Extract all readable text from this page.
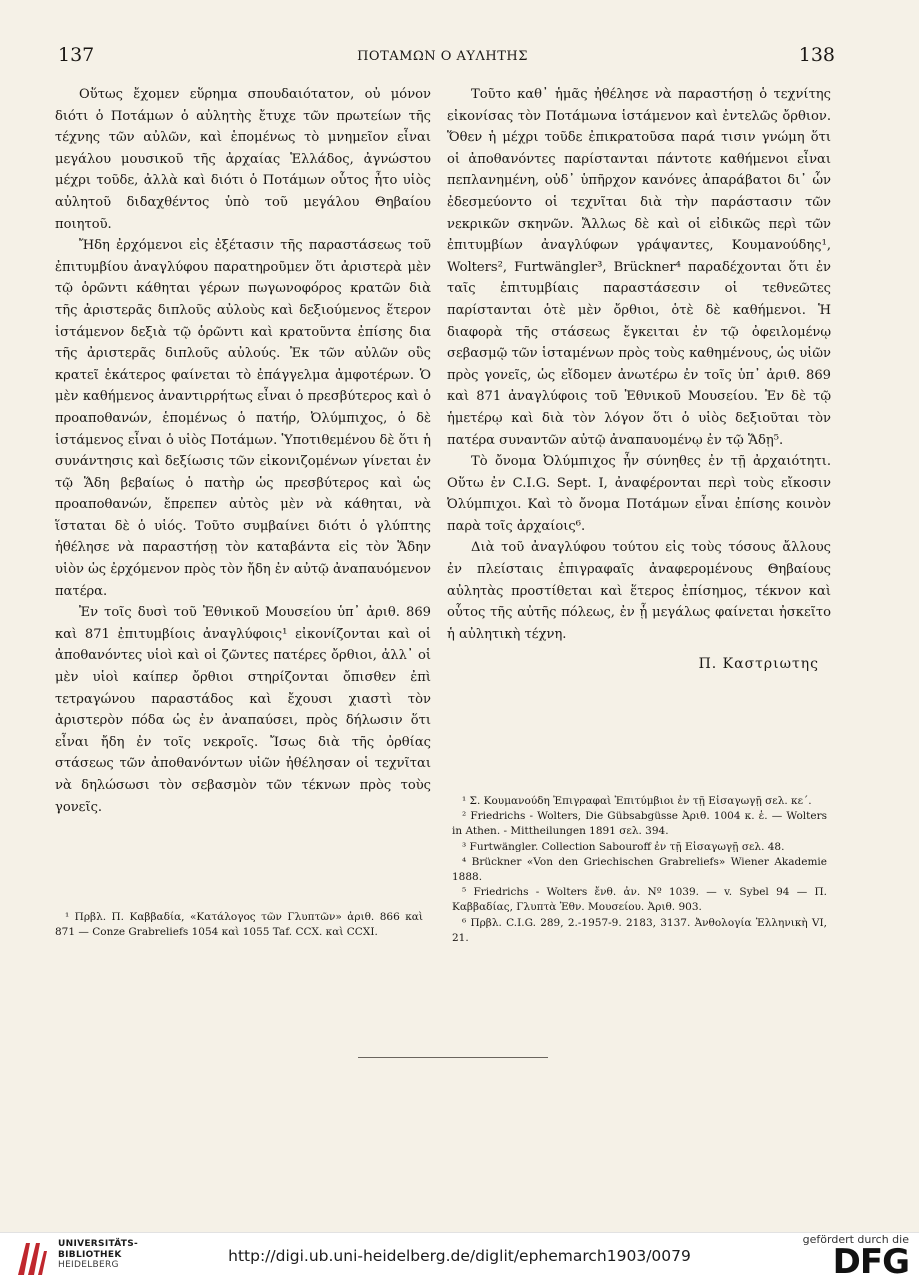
137	ΠΟΤΑΜΩΝ Ο ΑΥΛΗΤΗΣ	138

Οὕτως ἔχομεν εὕρημα σπουδαιότατον, οὐ μόνον διότι ὁ Ποτάμων ὁ αὐλητὴς ἔτυχε τῶν πρωτείων τῆς τέχνης τῶν αὐλῶν, καὶ ἑπομένως τὸ μνημεῖον εἶναι μεγάλου μουσικοῦ τῆς ἀρχαίας Ἑλλάδος, ἀγνώστου μέχρι τοῦδε, ἀλλὰ καὶ διότι ὁ Ποτάμων οὗτος ἦτο υἱὸς αὐλητοῦ διδαχθέντος ὑπὸ τοῦ μεγάλου Θηβαίου ποιητοῦ.

Ἤδη ἐρχόμενοι εἰς ἐξέτασιν τῆς παραστάσεως τοῦ ἐπιτυμβίου ἀναγλύφου παρατηροῦμεν ὅτι ἀριστερὰ μὲν τῷ ὁρῶντι κάθηται γέρων πωγωνοφόρος κρατῶν διὰ τῆς ἀριστερᾶς διπλοῦς αὐλοὺς καὶ δεξιούμενος ἕτερον ἱστάμενον δεξιὰ τῷ ὁρῶντι καὶ κρατοῦντα ἐπίσης δια τῆς ἀριστερᾶς διπλοῦς αὐλούς. Ἐκ τῶν αὐλῶν οὓς κρατεῖ ἑκάτερος φαίνεται τὸ ἐπάγγελμα ἀμφοτέρων. Ὁ μὲν καθήμενος ἀναντιρρήτως εἶναι ὁ πρεσβύτερος καὶ ὁ προαποθανών, ἑπομένως ὁ πατήρ, Ὀλύμπιχος, ὁ δὲ ἱστάμενος εἶναι ὁ υἱὸς Ποτάμων. Ὑποτιθεμένου δὲ ὅτι ἡ συνάντησις καὶ δεξίωσις τῶν εἰκονιζομένων γίνεται ἐν τῷ Ἅδη βεβαίως ὁ πατὴρ ὡς πρεσβύτερος καὶ ὡς προαποθανών, ἔπρεπεν αὐτὸς μὲν νὰ κάθηται, νὰ ἵσταται δὲ ὁ υἱός. Τοῦτο συμβαίνει διότι ὁ γλύπτης ἠθέλησε νὰ παραστήσῃ τὸν καταβάντα εἰς τὸν Ἅδην υἱὸν ὡς ἐρχόμενον πρὸς τὸν ἤδη ἐν αὐτῷ ἀναπαυόμενον πατέρα.

Ἐν τοῖς δυσὶ τοῦ Ἐθνικοῦ Μουσείου ὑπ᾽ ἀριθ. 869 καὶ 871 ἐπιτυμβίοις ἀναγλύφοις¹ εἰκονίζονται καὶ οἱ ἀποθανόντες υἱοὶ καὶ οἱ ζῶντες πατέρες ὄρθιοι, ἀλλ᾽ οἱ μὲν υἱοὶ καίπερ ὄρθιοι στηρίζονται ὄπισθεν ἐπὶ τετραγώνου παραστάδος καὶ ἔχουσι χιαστὶ τὸν ἀριστερὸν πόδα ὡς ἐν ἀναπαύσει, πρὸς δήλωσιν ὅτι εἶναι ἤδη ἐν τοῖς νεκροῖς. Ἴσως διὰ τῆς ὀρθίας στάσεως τῶν ἀποθανόντων υἱῶν ἠθέλησαν οἱ τεχνῖται νὰ δηλώσωσι τὸν σεβασμὸν τῶν τέκνων πρὸς τοὺς γονεῖς.

¹ Πρβλ. Π. Καββαδία, «Κατάλογος τῶν Γλυπτῶν» ἀριθ. 866 καὶ 871 — Conze Grabreliefs 1054 καὶ 1055 Taf. CCX. καὶ CCXI.

Τοῦτο καθ᾽ ἡμᾶς ἠθέλησε νὰ παραστήσῃ ὁ τεχνίτης εἰκονίσας τὸν Ποτάμωνα ἱστάμενον καὶ ἐντελῶς ὄρθιον. Ὅθεν ἡ μέχρι τοῦδε ἐπικρατοῦσα παρά τισιν γνώμη ὅτι οἱ ἀποθανόντες παρίστανται πάντοτε καθήμενοι εἶναι πεπλανημένη, οὐδ᾽ ὑπῆρχον κανόνες ἀπαράβατοι δι᾽ ὧν ἐδεσμεύοντο οἱ τεχνῖται διὰ τὴν παράστασιν τῶν νεκρικῶν σκηνῶν. Ἄλλως δὲ καὶ οἱ εἰδικῶς περὶ τῶν ἐπιτυμβίων ἀναγλύφων γράψαντες, Κουμανούδης¹, Wolters², Furtwängler³, Brückner⁴ παραδέχονται ὅτι ἐν ταῖς ἐπιτυμβίαις παραστάσεσιν οἱ τεθνεῶτες παρίστανται ὁτὲ μὲν ὄρθιοι, ὁτὲ δὲ καθήμενοι. Ἡ διαφορὰ τῆς στάσεως ἔγκειται ἐν τῷ ὀφειλομένῳ σεβασμῷ τῶν ἱσταμένων πρὸς τοὺς καθημένους, ὡς υἱῶν πρὸς γονεῖς, ὡς εἴδομεν ἀνωτέρω ἐν τοῖς ὑπ᾽ ἀριθ. 869 καὶ 871 ἀναγλύφοις τοῦ Ἐθνικοῦ Μουσείου. Ἐν δὲ τῷ ἡμετέρῳ καὶ διὰ τὸν λόγον ὅτι ὁ υἱὸς δεξιοῦται τὸν πατέρα συναντῶν αὐτῷ ἀναπαυομένῳ ἐν τῷ Ἅδῃ⁵.

Τὸ ὄνομα Ὀλύμπιχος ἦν σύνηθες ἐν τῇ ἀρχαιότητι. Οὕτω ἐν C.I.G. Sept. I, ἀναφέρονται περὶ τοὺς εἴκοσιν Ὀλύμπιχοι. Καὶ τὸ ὄνομα Ποτάμων εἶναι ἐπίσης κοινὸν παρὰ τοῖς ἀρχαίοις⁶.

Διὰ τοῦ ἀναγλύφου τούτου εἰς τοὺς τόσους ἄλλους ἐν πλείσταις ἐπιγραφαῖς ἀναφερομένους Θηβαίους αὐλητὰς προστίθεται καὶ ἕτερος ἐπίσημος, τέκνον καὶ οὗτος τῆς αὐτῆς πόλεως, ἐν ᾗ μεγάλως φαίνεται ἠσκεῖτο ἡ αὐλητικὴ τέχνη.

Π. Καστριωτης

¹ Σ. Κουμανούδη Ἐπιγραφαὶ Ἐπιτύμβιοι ἐν τῇ Εἰσαγωγῇ σελ. κε´.

² Friedrichs - Wolters, Die Gübsabgüsse Ἀριθ. 1004 κ. ἑ. — Wolters in Athen. - Mittheilungen 1891 σελ. 394.

³ Furtwängler. Collection Sabouroff ἐν τῇ Εἰσαγωγῇ σελ. 48.

⁴ Brückner «Von den Griechischen Grabreliefs» Wiener Akademie 1888.

⁵ Friedrichs - Wolters ἔνθ. ἀν. Nº 1039. — v. Sybel 94 — Π. Καββαδίας, Γλυπτὰ Ἐθν. Μουσείου. Ἀριθ. 903.

⁶ Πρβλ. C.I.G. 289, 2.-1957-9. 2183, 3137. Ἀνθολογία Ἑλληνικὴ VI, 21.

UNIVERSITÄTS-
BIBLIOTHEK
HEIDELBERG	http://digi.ub.uni-heidelberg.de/diglit/ephemarch1903/0079
gefördert durch die
DFG
